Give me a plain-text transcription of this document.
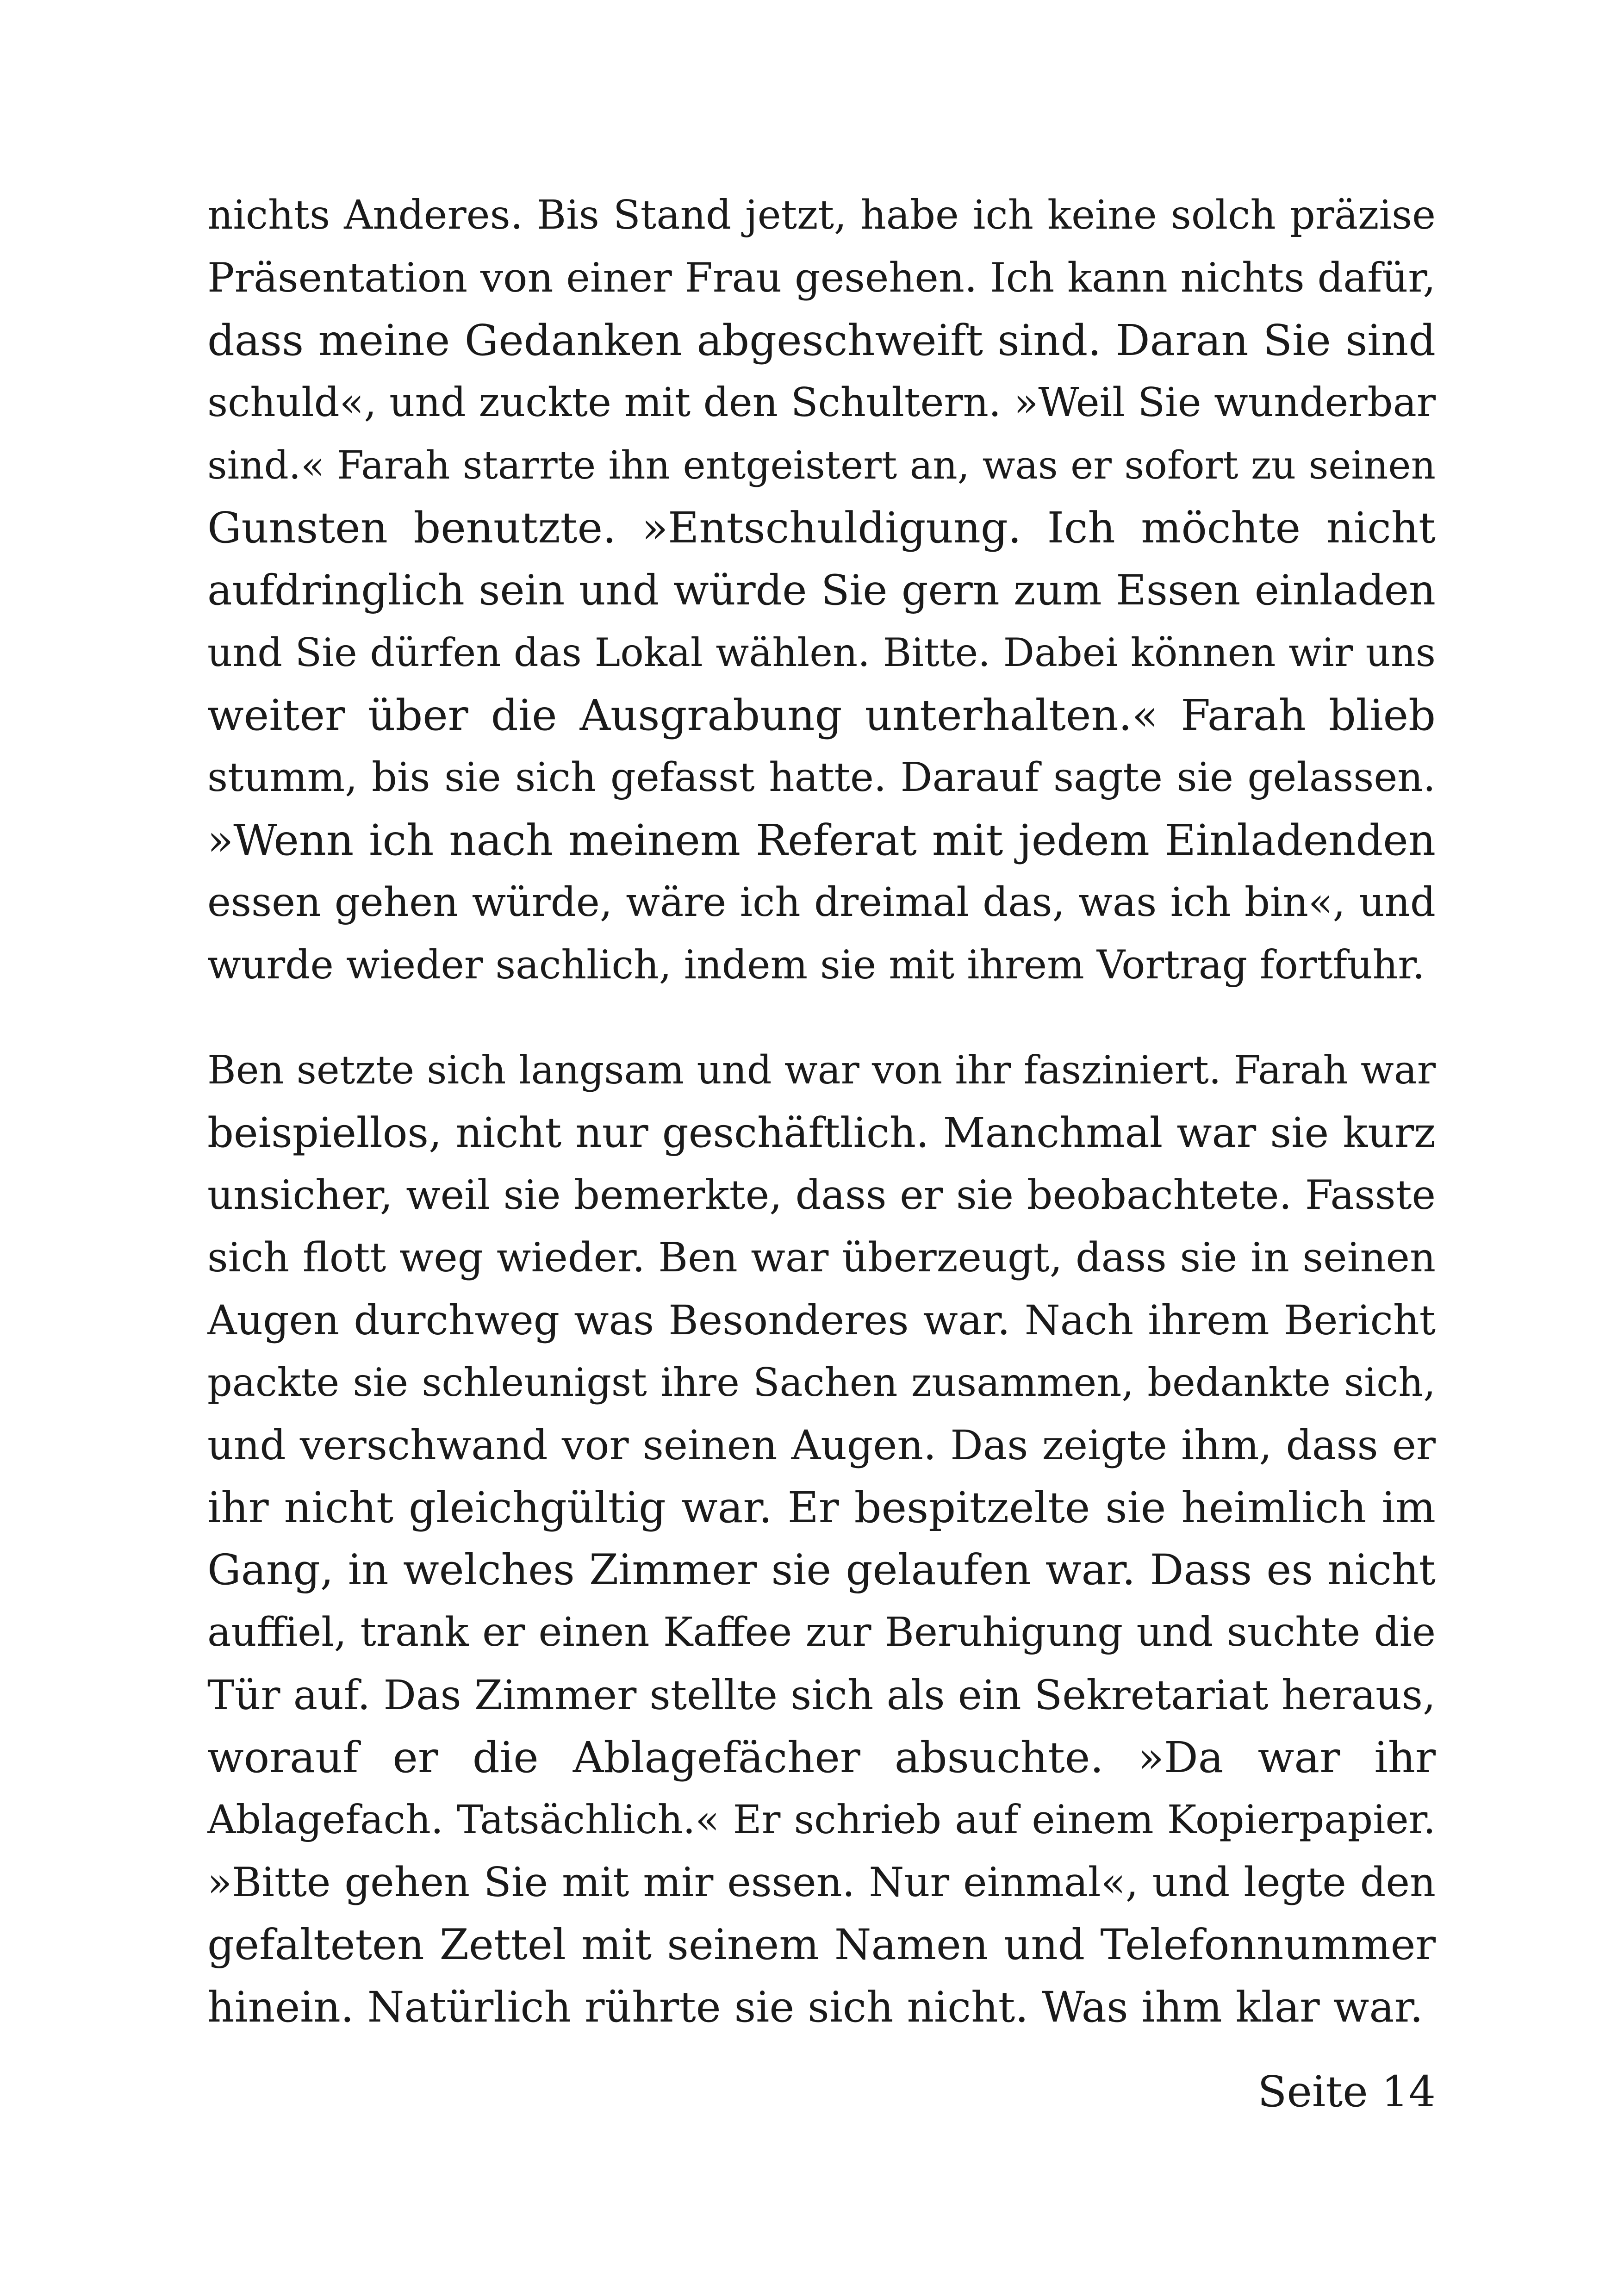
nichts Anderes. Bis Stand jetzt, habe ich keine solch präzise
Präsentation von einer Frau gesehen. Ich kann nichts dafür,
dass meine Gedanken abgeschweift sind. Daran Sie sind
schuld«, und zuckte mit den Schultern. »Weil Sie wunderbar
sind.« Farah starrte ihn entgeistert an, was er sofort zu seinen
Gunsten benutzte. »Entschuldigung. Ich möchte nicht
aufdringlich sein und würde Sie gern zum Essen einladen
und Sie dürfen das Lokal wählen. Bitte. Dabei können wir uns
weiter über die Ausgrabung unterhalten.« Farah blieb
stumm, bis sie sich gefasst hatte. Darauf sagte sie gelassen.
»Wenn ich nach meinem Referat mit jedem Einladenden
essen gehen würde, wäre ich dreimal das, was ich bin«, und
wurde wieder sachlich, indem sie mit ihrem Vortrag fortfuhr.
Ben setzte sich langsam und war von ihr fasziniert. Farah war
beispiellos, nicht nur geschäftlich. Manchmal war sie kurz
unsicher, weil sie bemerkte, dass er sie beobachtete. Fasste
sich flott weg wieder. Ben war überzeugt, dass sie in seinen
Augen durchweg was Besonderes war. Nach ihrem Bericht
packte sie schleunigst ihre Sachen zusammen, bedankte sich,
und verschwand vor seinen Augen. Das zeigte ihm, dass er
ihr nicht gleichgültig war. Er bespitzelte sie heimlich im
Gang, in welches Zimmer sie gelaufen war. Dass es nicht
auffiel, trank er einen Kaffee zur Beruhigung und suchte die
Tür auf. Das Zimmer stellte sich als ein Sekretariat heraus,
worauf er die Ablagefächer absuchte. »Da war ihr
Ablagefach. Tatsächlich.« Er schrieb auf einem Kopierpapier.
»Bitte gehen Sie mit mir essen. Nur einmal«, und legte den
gefalteten Zettel mit seinem Namen und Telefonnummer
hinein. Natürlich rührte sie sich nicht. Was ihm klar war.
Seite 14
